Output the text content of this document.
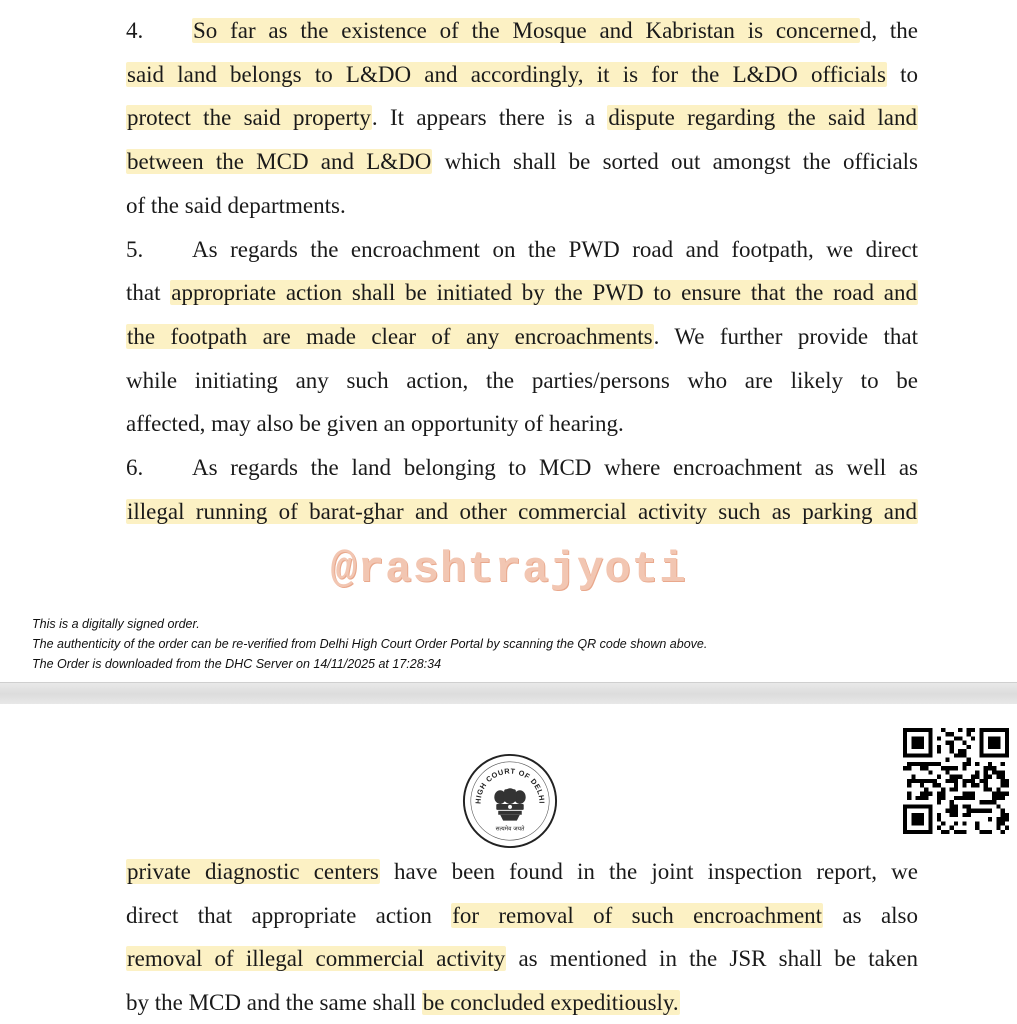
4. So far as the existence of the Mosque and Kabristan is concerned, the
said land belongs to L&DO and accordingly, it is for the L&DO officials to
protect the said property. It appears there is a dispute regarding the said land
between the MCD and L&DO which shall be sorted out amongst the officials
of the said departments.
5. As regards the encroachment on the PWD road and footpath, we direct
that appropriate action shall be initiated by the PWD to ensure that the road and
the footpath are made clear of any encroachments. We further provide that
while initiating any such action, the parties/persons who are likely to be
affected, may also be given an opportunity of hearing.
6. As regards the land belonging to MCD where encroachment as well as
illegal running of barat-ghar and other commercial activity such as parking and
@rashtrajyoti
This is a digitally signed order.
The authenticity of the order can be re-verified from Delhi High Court Order Portal by scanning the QR code shown above.
The Order is downloaded from the DHC Server on 14/11/2025 at 17:28:34
HIGH COURT OF DELHI
सत्यमेव जयते
private diagnostic centers have been found in the joint inspection report, we
direct that appropriate action for removal of such encroachment as also
removal of illegal commercial activity as mentioned in the JSR shall be taken
by the MCD and the same shall be concluded expeditiously.
